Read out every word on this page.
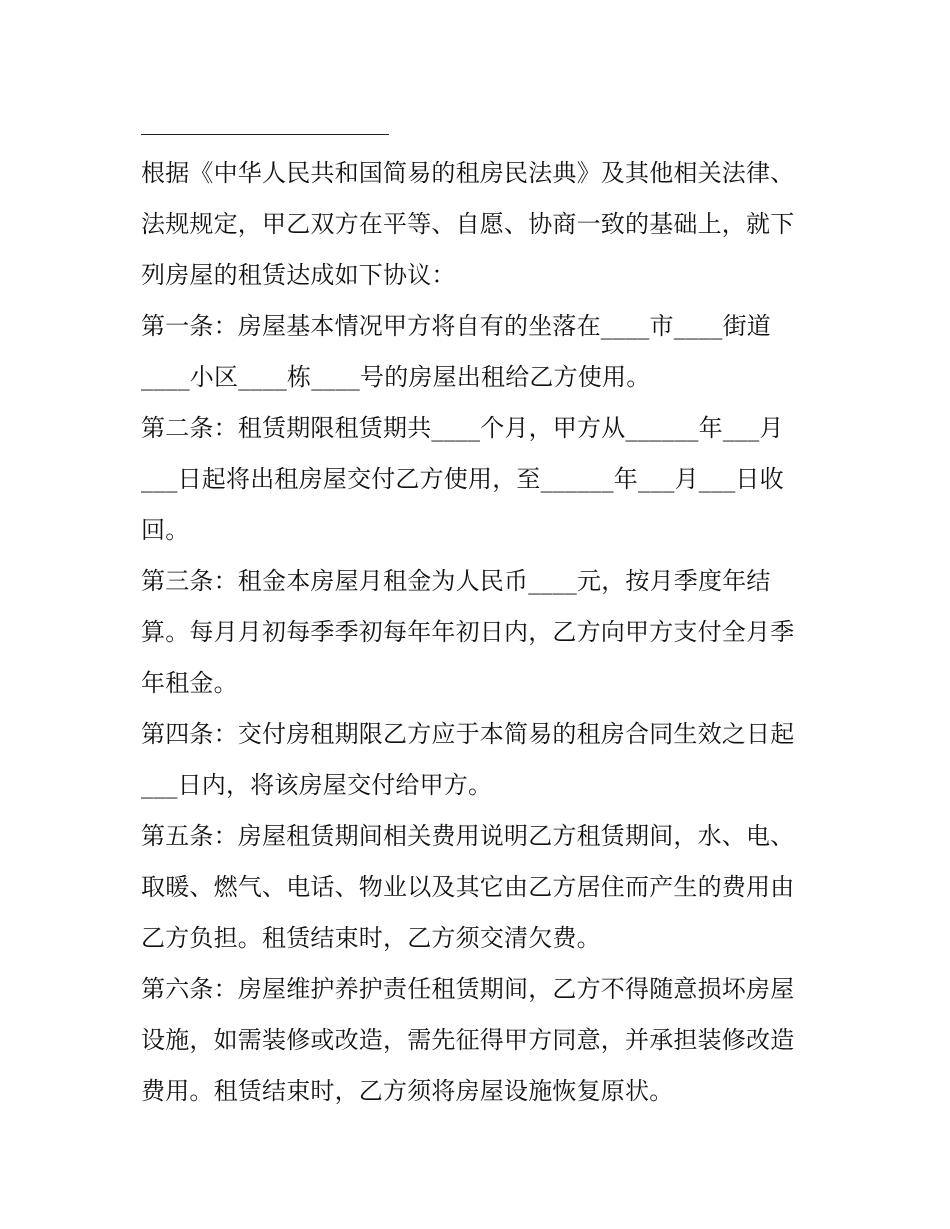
根据《中华人民共和国简易的租房民法典》及其他相关法律、
法规规定，甲乙双方在平等、自愿、协商一致的基础上，就下
列房屋的租赁达成如下协议：
第一条：房屋基本情况甲方将自有的坐落在____市____街道
____小区____栋____号的房屋出租给乙方使用。
第二条：租赁期限租赁期共____个月，甲方从______年___月
___日起将出租房屋交付乙方使用，至______年___月___日收
回。
第三条：租金本房屋月租金为人民币____元，按月季度年结
算。每月月初每季季初每年年初日内，乙方向甲方支付全月季
年租金。
第四条：交付房租期限乙方应于本简易的租房合同生效之日起
___日内，将该房屋交付给甲方。
第五条：房屋租赁期间相关费用说明乙方租赁期间，水、电、
取暖、燃气、电话、物业以及其它由乙方居住而产生的费用由
乙方负担。租赁结束时，乙方须交清欠费。
第六条：房屋维护养护责任租赁期间，乙方不得随意损坏房屋
设施，如需装修或改造，需先征得甲方同意，并承担装修改造
费用。租赁结束时，乙方须将房屋设施恢复原状。
